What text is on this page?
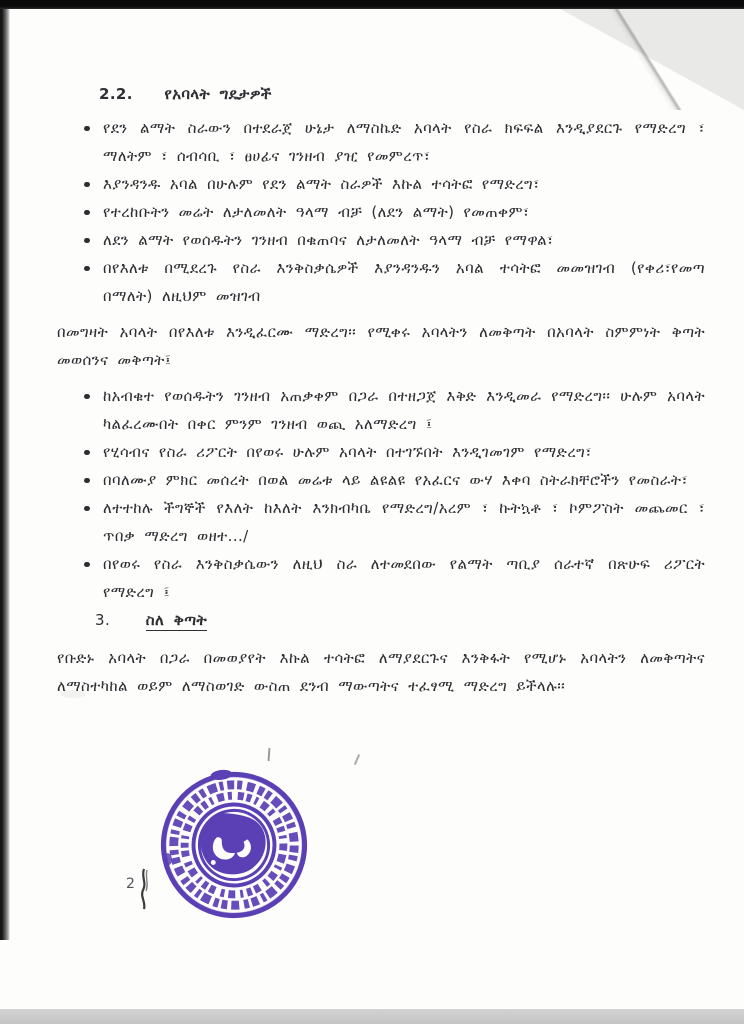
2.2. የአባላት ግዴታዎች
የደን ልማት ስራውን በተደራጀ ሁኔታ ለማስኬድ አባላት የስራ ክፍፍል እንዲያደርጉ የማድረግ ፣ ማለትም ፣ ሰብሳቢ ፣ ፀሀፊና ገንዘብ ያዢ የመምረጥ፣
እያንዳንዱ አባል በሁሉም የደን ልማት ስራዎች እኩል ተሳትፎ የማድረግ፣
የተረከቡትን መሬት ለታለመለት ዓላማ ብቻ (ለደን ልማት) የመጠቀም፣
ለደን ልማት የወሰዱትን ገንዘብ በቁጠባና ለታለመለት ዓላማ ብቻ የማዋል፣
በየእለቱ በሚደረጉ የስራ እንቅስቃሴዎች እያንዳንዱን አባል ተሳትፎ መመዝገብ (የቀሪ፣የመጣ በማለት) ለዚህም መዝገብ
በመግዛት አባላት በየእለቱ እንዲፈርሙ ማድረግ፡፡ የሚቀሩ አባላትን ለመቅጣት በአባላት ስምምነት ቅጣት መወሰንና መቅጣት፤
ከአብቁተ የወሰዱትን ገንዘብ አጠቃቀም በጋራ በተዘጋጀ እቅድ እንዲመራ የማድረግ፡፡ ሁሉም አባላት ካልፈረሙበት በቀር ምንም ገንዘብ ወጪ አለማድረግ ፤
የሂሳብና የስራ ሪፖርት በየወሩ ሁሉም አባላት በተገኙበት እንዲገመገም የማድረግ፣
በባለሙያ ምክር መሰረት በወል መሬቱ ላይ ልዩልዩ የአፈርና ውሃ እቀባ ስትራክቸሮችን የመስራት፣
ለተተከሉ ችግኞች የእለት ከእለት እንክብካቤ የማድረግ/አረም ፣ ኩትኳቶ ፣ ኮምፖስት መጨመር ፣ ጥበቃ ማድረግ ወዘተ.../
በየወሩ የስራ እንቅስቃሴውን ለዚህ ስራ ለተመደበው የልማት ጣቢያ ሰራተኛ በጽሁፍ ሪፖርት የማድረግ ፤
3. ስለ ቅጣት
የቡድኑ አባላት በጋራ በመወያየት እኩል ተሳትፎ ለማያደርጉና እንቅፋት የሚሆኑ አባላትን ለመቅጣትና ለማስተካከል ወይም ለማስወገድ ውስጠ ደንብ ማውጣትና ተፈፃሚ ማድረግ ይችላሉ፡፡
2
